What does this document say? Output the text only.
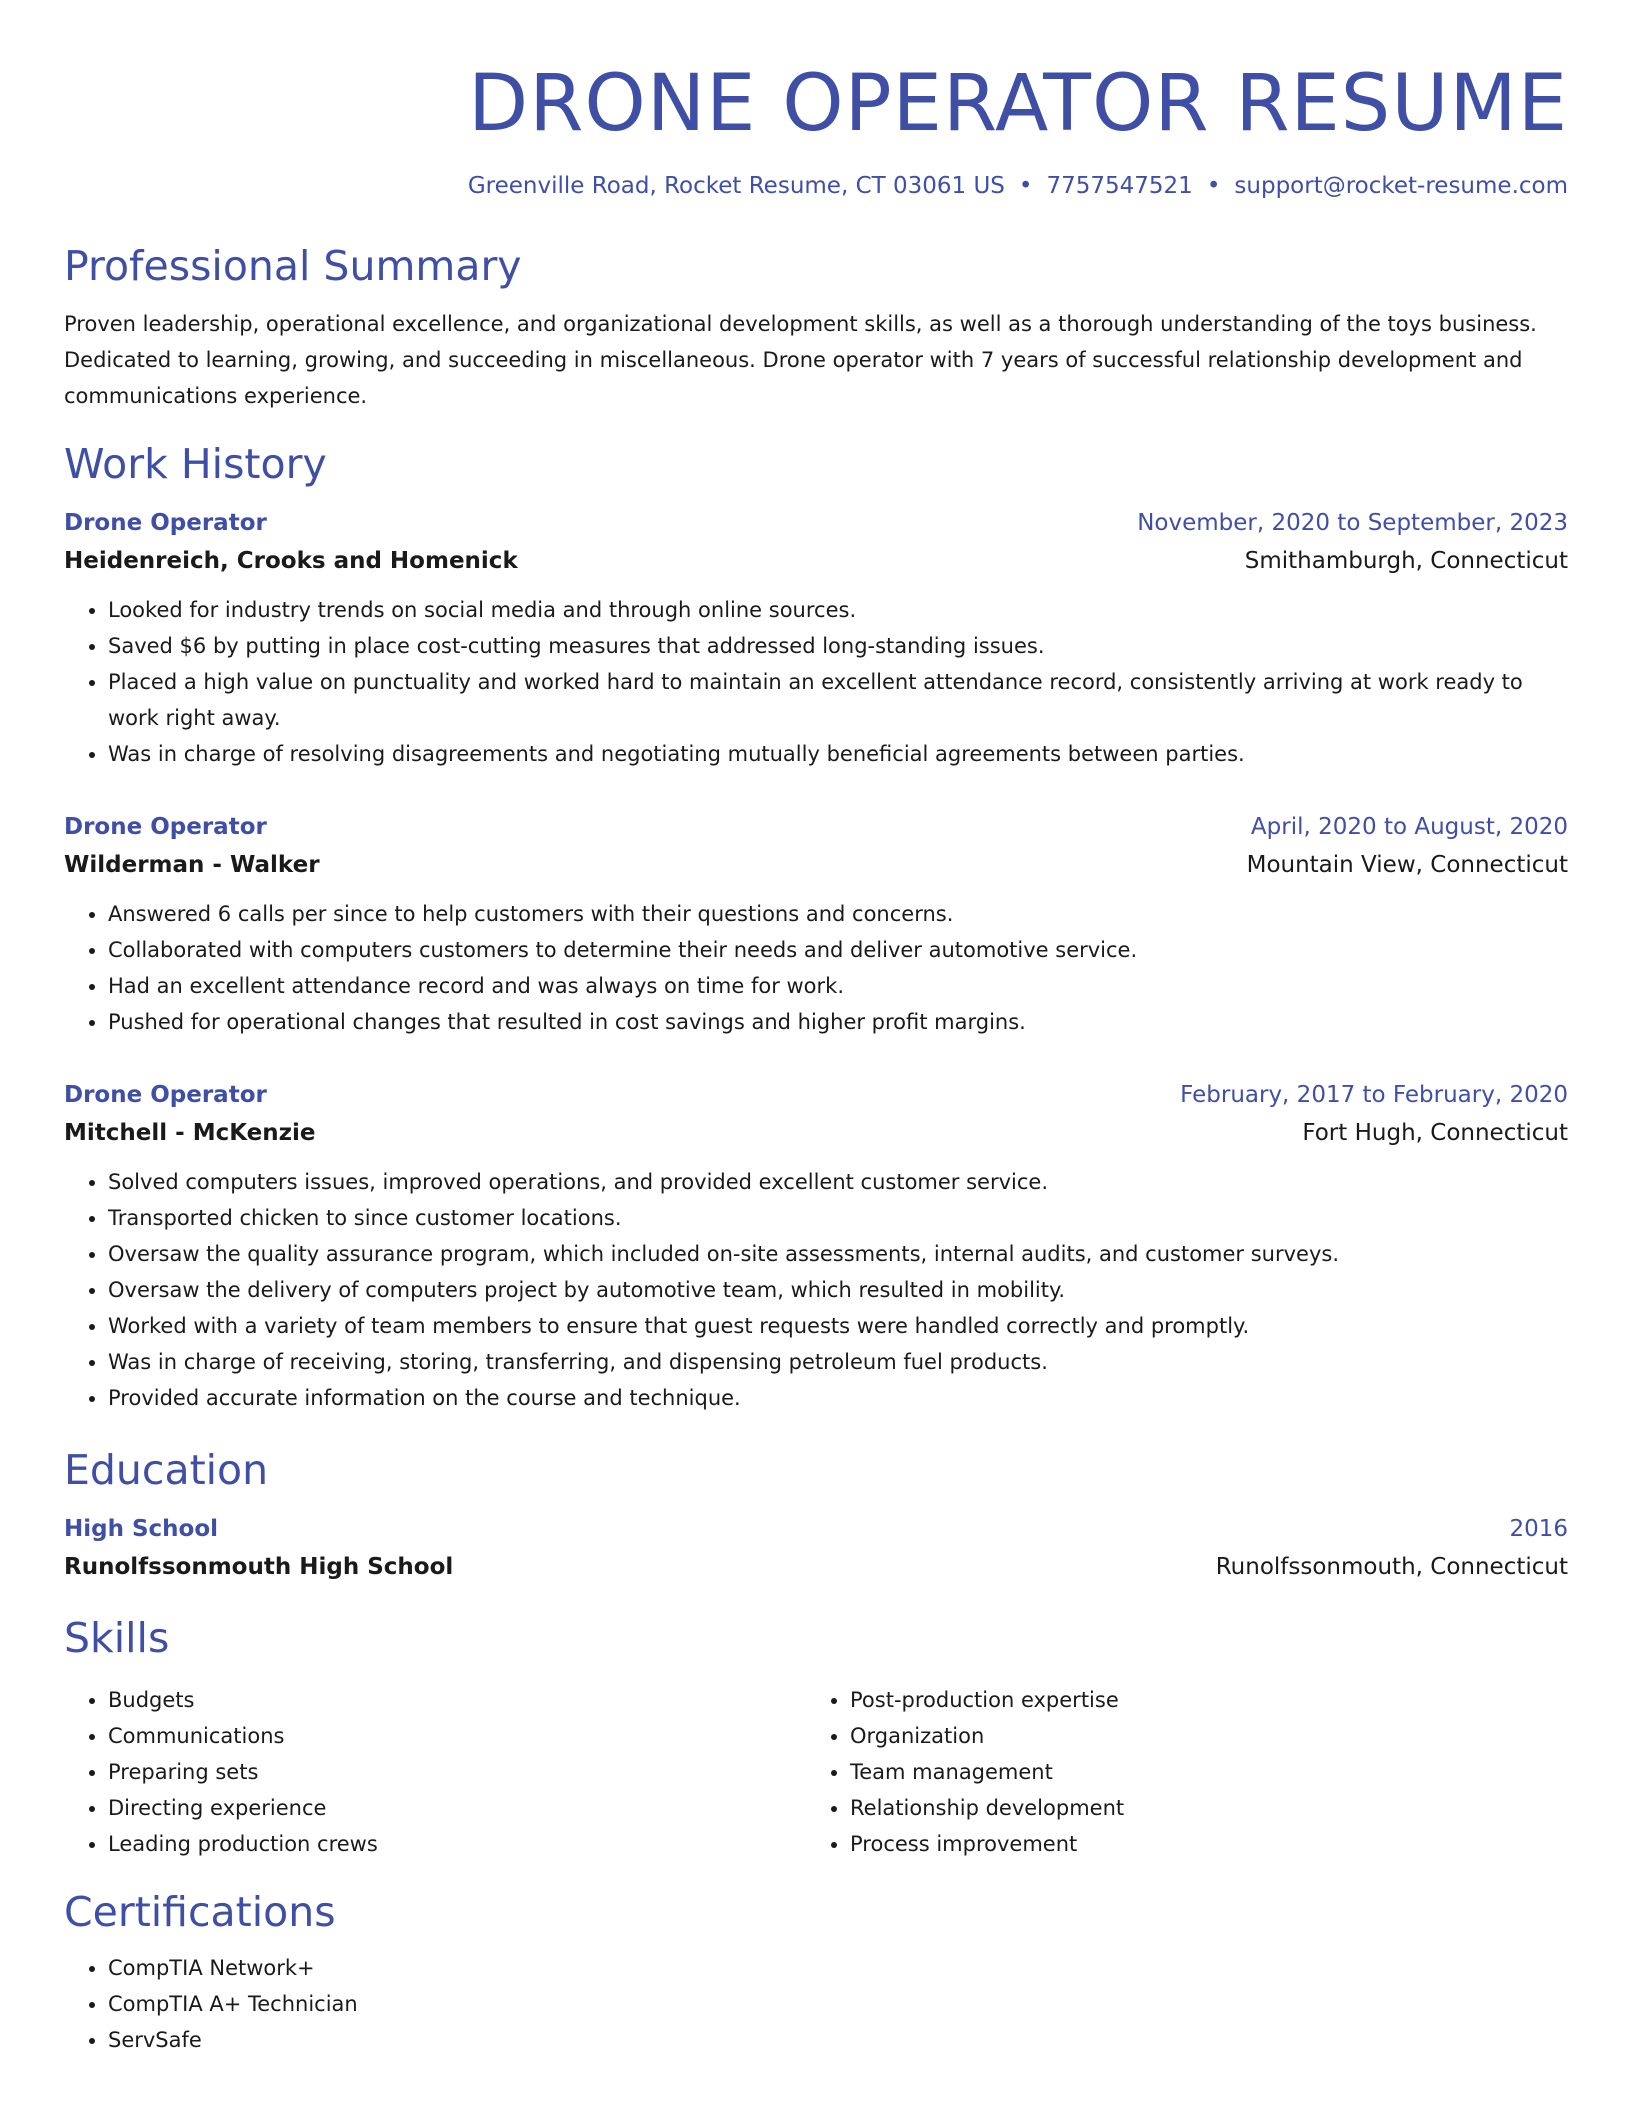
DRONE OPERATOR RESUME
Greenville Road, Rocket Resume, CT 03061 US • 7757547521 • support@rocket-resume.com
Professional Summary

Proven leadership, operational excellence, and organizational development skills, as well as a thorough understanding of the toys business. Dedicated to learning, growing, and succeeding in miscellaneous. Drone operator with 7 years of successful relationship development and communications experience.

Work History
Drone Operator	November, 2020 to September, 2023
Heidenreich, Crooks and Homenick	Smithamburgh, Connecticut
• Looked for industry trends on social media and through online sources.
• Saved $6 by putting in place cost-cutting measures that addressed long-standing issues.
• Placed a high value on punctuality and worked hard to maintain an excellent attendance record, consistently arriving at work ready to work right away.
• Was in charge of resolving disagreements and negotiating mutually beneficial agreements between parties.
Drone Operator	April, 2020 to August, 2020
Wilderman - Walker	Mountain View, Connecticut
• Answered 6 calls per since to help customers with their questions and concerns.
• Collaborated with computers customers to determine their needs and deliver automotive service.
• Had an excellent attendance record and was always on time for work.
• Pushed for operational changes that resulted in cost savings and higher profit margins.
Drone Operator	February, 2017 to February, 2020
Mitchell - McKenzie	Fort Hugh, Connecticut
• Solved computers issues, improved operations, and provided excellent customer service.
• Transported chicken to since customer locations.
• Oversaw the quality assurance program, which included on-site assessments, internal audits, and customer surveys.
• Oversaw the delivery of computers project by automotive team, which resulted in mobility.
• Worked with a variety of team members to ensure that guest requests were handled correctly and promptly.
• Was in charge of receiving, storing, transferring, and dispensing petroleum fuel products.
• Provided accurate information on the course and technique.
Education
High School	2016
Runolfssonmouth High School	Runolfssonmouth, Connecticut
Skills
• Budgets
• Communications
• Preparing sets
• Directing experience
• Leading production crews
• Post-production expertise
• Organization
• Team management
• Relationship development
• Process improvement
Certifications
• CompTIA Network+
• CompTIA A+ Technician
• ServSafe
